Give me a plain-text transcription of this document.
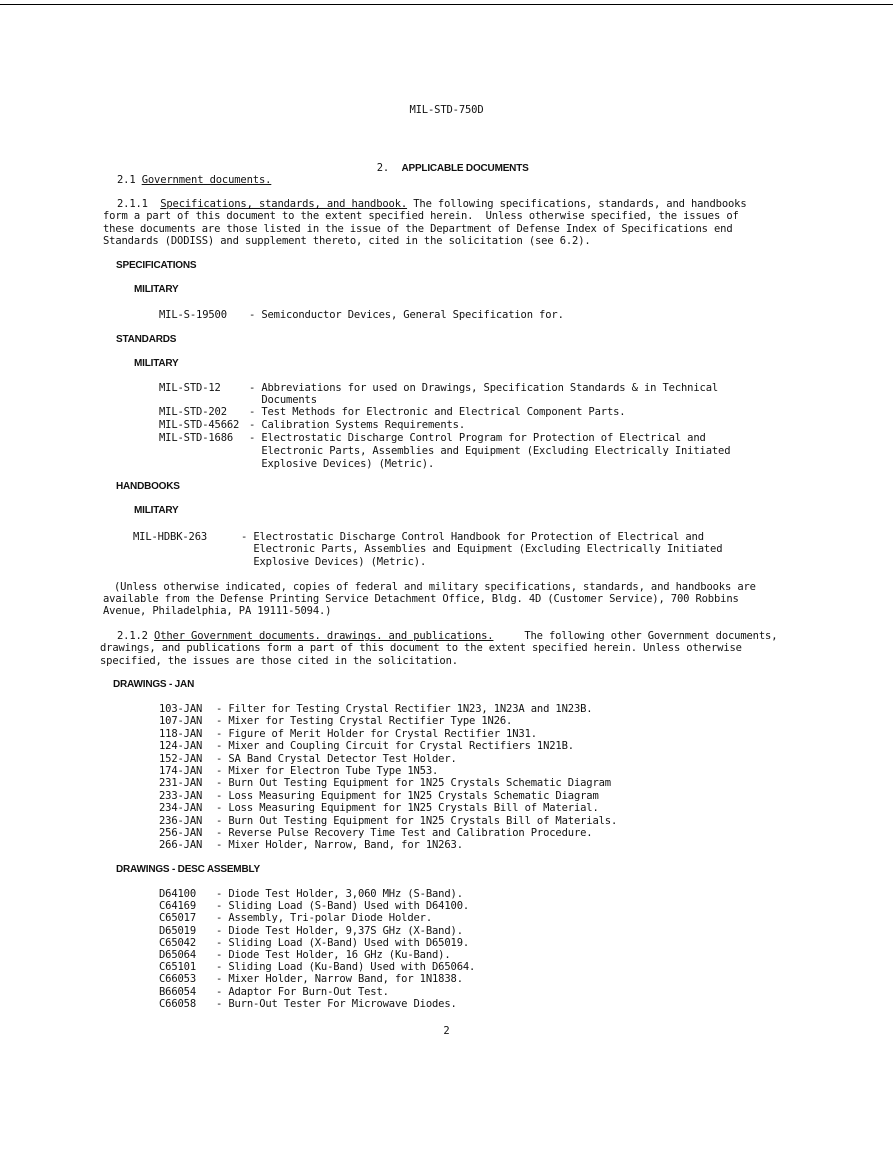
MIL-STD-750D

2. APPLICABLE DOCUMENTS

2.1 Government documents.
2.1.1 Specifications, standards, and handbook. The following specifications, standards, and handbooks
form a part of this document to the extent specified herein.  Unless otherwise specified, the issues of
these documents are those listed in the issue of the Department of Defense Index of Specifications end
Standards (DODISS) and supplement thereto, cited in the solicitation (see 6.2).
SPECIFICATIONS
MILITARY
MIL-S-19500 - Semiconductor Devices, General Specification for.
STANDARDS
MILITARY
MIL-STD-12	- Abbreviations for used on Drawings, Specification Standards & in Technical
Documents
MIL-STD-202 - Test Methods for Electronic and Electrical Component Parts.
MIL-STD-45662 - Calibration Systems Requirements.
MIL-STD-1686 - Electrostatic Discharge Control Program for Protection of Electrical and
Electronic Parts, Assemblies and Equipment (Excluding Electrically Initiated
Explosive Devices) (Metric).
HANDBOOKS
MILITARY
MIL-HDBK-263	- Electrostatic Discharge Control Handbook for Protection of Electrical and
Electronic Parts, Assemblies and Equipment (Excluding Electrically Initiated
Explosive Devices) (Metric).
(Unless otherwise indicated, copies of federal and military specifications, standards, and handbooks are
available from the Defense Printing Service Detachment Office, Bldg. 4D (Customer Service), 700 Robbins
Avenue, Philadelphia, PA 19111-5094.)
2.1.2 Other Government documents. drawings. and publications.	The following other Government documents,
drawings, and publications form a part of this document to the extent specified herein. Unless otherwise
specified, the issues are those cited in the solicitation.
DRAWINGS - JAN
103-JAN - Filter for Testing Crystal Rectifier 1N23, 1N23A and 1N23B.
107-JAN - Mixer for Testing Crystal Rectifier Type 1N26.
118-JAN - Figure of Merit Holder for Crystal Rectifier 1N31.
124-JAN - Mixer and Coupling Circuit for Crystal Rectifiers 1N21B.
152-JAN - SA Band Crystal Detector Test Holder.
174-JAN - Mixer for Electron Tube Type 1N53.
231-JAN - Burn Out Testing Equipment for 1N25 Crystals Schematic Diagram
233-JAN - Loss Measuring Equipment for 1N25 Crystals Schematic Diagram
234-JAN - Loss Measuring Equipment for 1N25 Crystals Bill of Material.
236-JAN - Burn Out Testing Equipment for 1N25 Crystals Bill of Materials.
256-JAN - Reverse Pulse Recovery Time Test and Calibration Procedure.
266-JAN - Mixer Holder, Narrow, Band, for 1N263.
DRAWINGS - DESC ASSEMBLY
D64100 - Diode Test Holder, 3,060 MHz (S-Band).
C64169 - Sliding Load (S-Band) Used with D64100.
C65017 - Assembly, Tri-polar Diode Holder.
D65019 - Diode Test Holder, 9,37S GHz (X-Band).
C65042 - Sliding Load (X-Band) Used with D65019.
D65064 - Diode Test Holder, 16 GHz (Ku-Band).
C65101 - Sliding Load (Ku-Band) Used with D65064.
C66053 - Mixer Holder, Narrow Band, for 1N1838.
B66054 - Adaptor For Burn-Out Test.
C66058 - Burn-Out Tester For Microwave Diodes.
2
